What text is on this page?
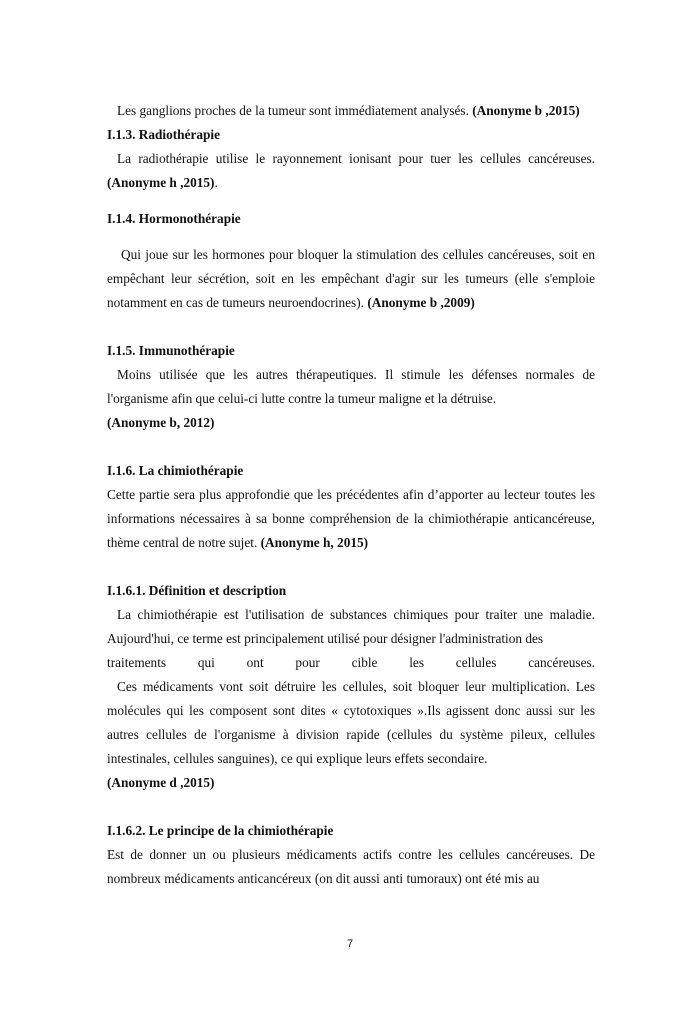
Les ganglions proches de la tumeur sont immédiatement analysés. (Anonyme b ,2015)

I.1.3. Radiothérapie

La radiothérapie utilise le rayonnement ionisant pour tuer les cellules cancéreuses. (Anonyme h ,2015).

I.1.4. Hormonothérapie

Qui joue sur les hormones pour bloquer la stimulation des cellules cancéreuses, soit en empêchant leur sécrétion, soit en les empêchant d'agir sur les tumeurs (elle s'emploie notamment en cas de tumeurs neuroendocrines). (Anonyme b ,2009)

I.1.5. Immunothérapie

Moins utilisée que les autres thérapeutiques. Il stimule les défenses normales de l'organisme afin que celui-ci lutte contre la tumeur maligne et la détruise.

(Anonyme b, 2012)

I.1.6. La chimiothérapie

Cette partie sera plus approfondie que les précédentes afin d’apporter au lecteur toutes les informations nécessaires à sa bonne compréhension de la chimiothérapie anticancéreuse, thème central de notre sujet. (Anonyme h, 2015)

I.1.6.1. Définition et description

La chimiothérapie est l'utilisation de substances chimiques pour traiter une maladie. Aujourd'hui, ce terme est principalement utilisé pour désigner l'administration des

traitements qui ont pour cible les cellules cancéreuses.

Ces médicaments vont soit détruire les cellules, soit bloquer leur multiplication. Les molécules qui les composent sont dites « cytotoxiques ».Ils agissent donc aussi sur les autres cellules de l'organisme à division rapide (cellules du système pileux, cellules intestinales, cellules sanguines), ce qui explique leurs effets secondaire.

(Anonyme d ,2015)

I.1.6.2. Le principe de la chimiothérapie

Est de donner un ou plusieurs médicaments actifs contre les cellules cancéreuses. De nombreux médicaments anticancéreux (on dit aussi anti tumoraux) ont été mis au

7
